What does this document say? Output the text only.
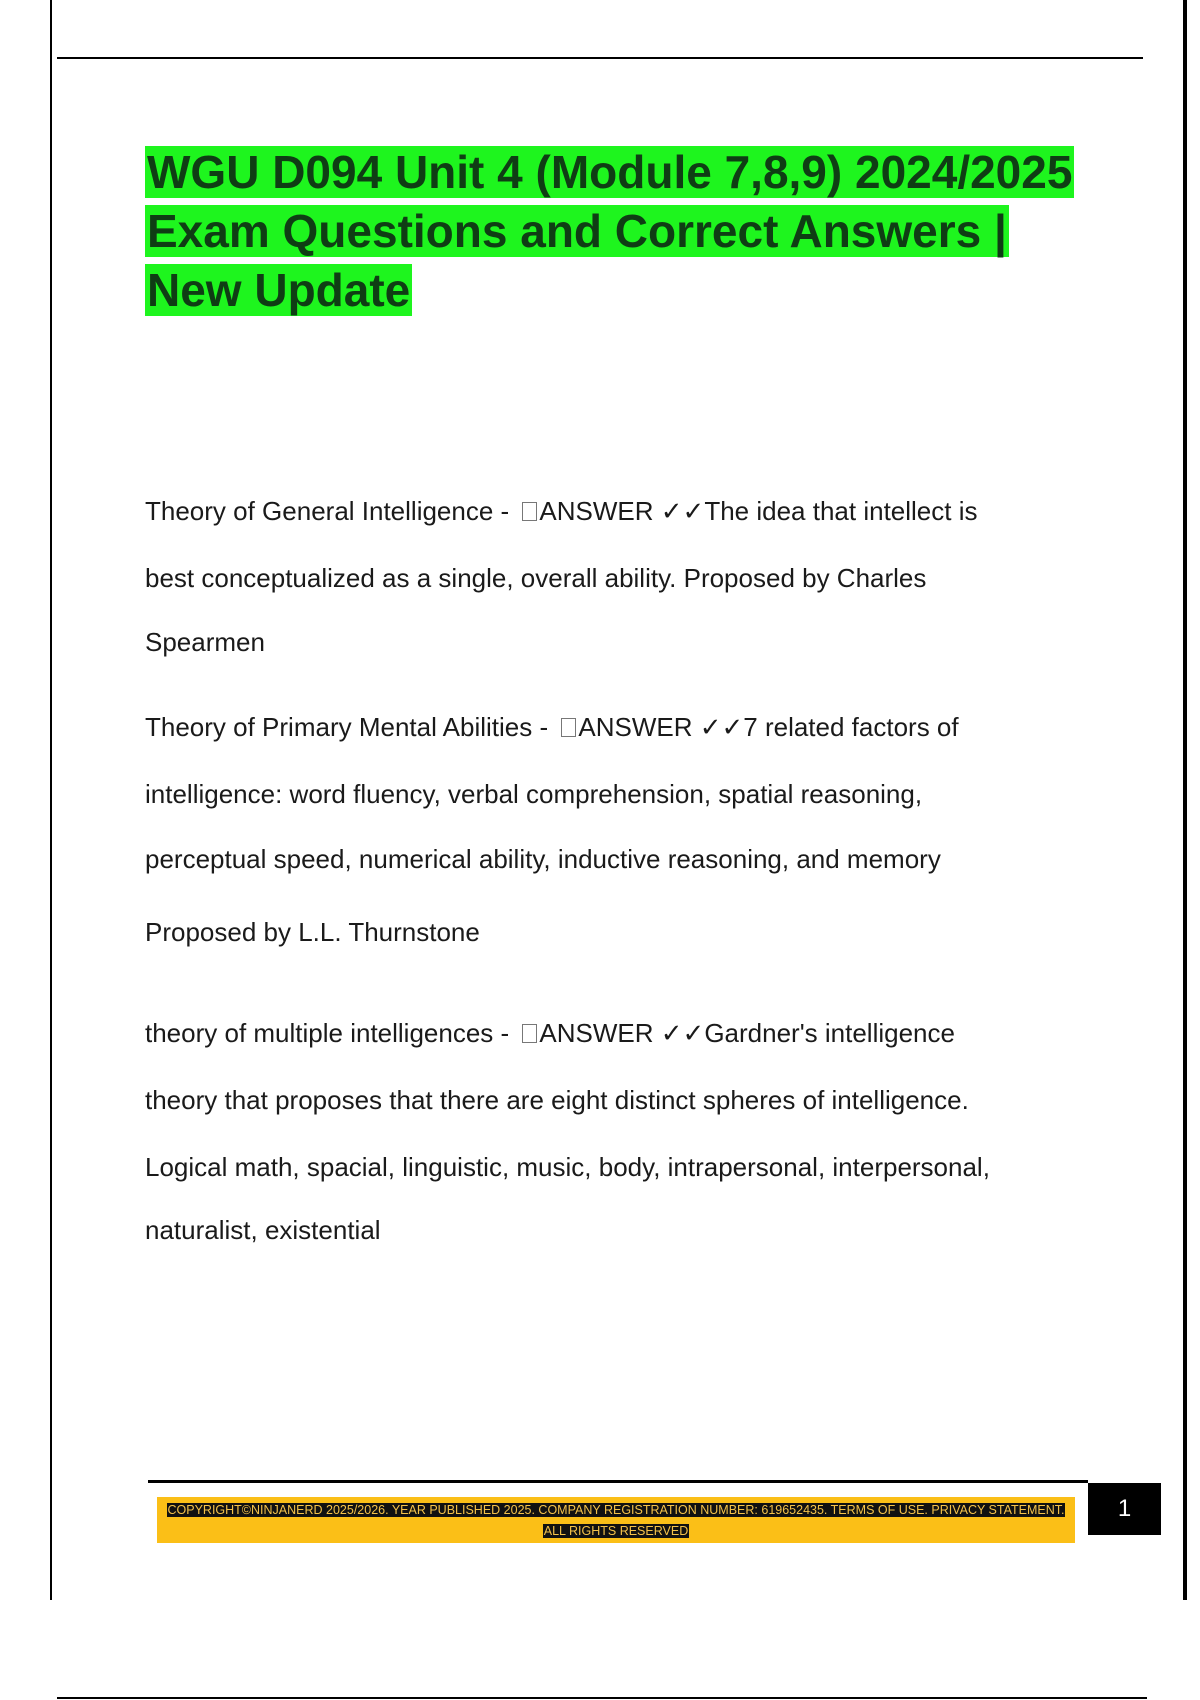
WGU D094 Unit 4 (Module 7,8,9) 2024/2025 Exam Questions and Correct Answers | New Update
Theory of General Intelligence - ANSWER ✓✓The idea that intellect is
best conceptualized as a single, overall ability. Proposed by Charles
Spearmen
Theory of Primary Mental Abilities - ANSWER ✓✓7 related factors of
intelligence: word fluency, verbal comprehension, spatial reasoning,
perceptual speed, numerical ability, inductive reasoning, and memory
Proposed by L.L. Thurnstone
theory of multiple intelligences - ANSWER ✓✓Gardner's intelligence
theory that proposes that there are eight distinct spheres of intelligence.
Logical math, spacial, linguistic, music, body, intrapersonal, interpersonal,
naturalist, existential

COPYRIGHT©NINJANERD 2025/2026. YEAR PUBLISHED 2025. COMPANY REGISTRATION NUMBER: 619652435. TERMS OF USE. PRIVACY STATEMENT. ALL RIGHTS RESERVED

1
